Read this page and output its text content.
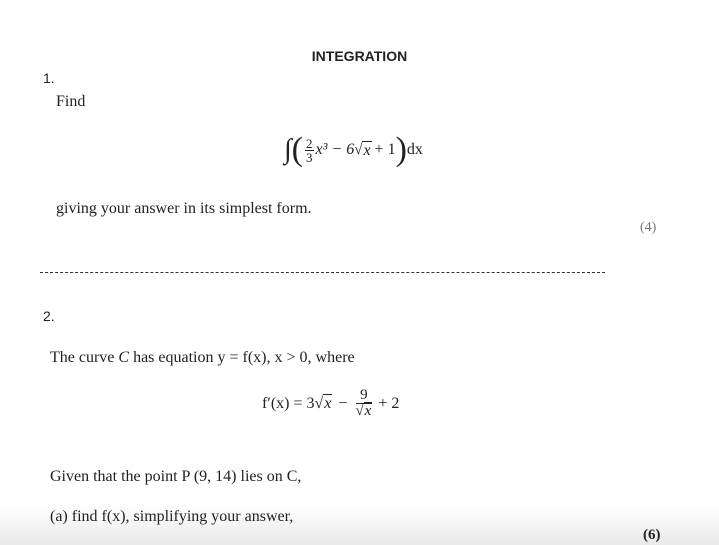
INTEGRATION
1.
Find
∫ ( $\frac{2}{3} x^3 - 6$ √ x + 1 ) dx
giving your answer in its simplest form.
(4)
2.
The curve C has equation y = f(x), x > 0, where
f′(x) = 3 √ $x - \frac{9}{√x} + 2$
Given that the point P (9, 14) lies on C,
(a) find f(x), simplifying your answer,
(6)
